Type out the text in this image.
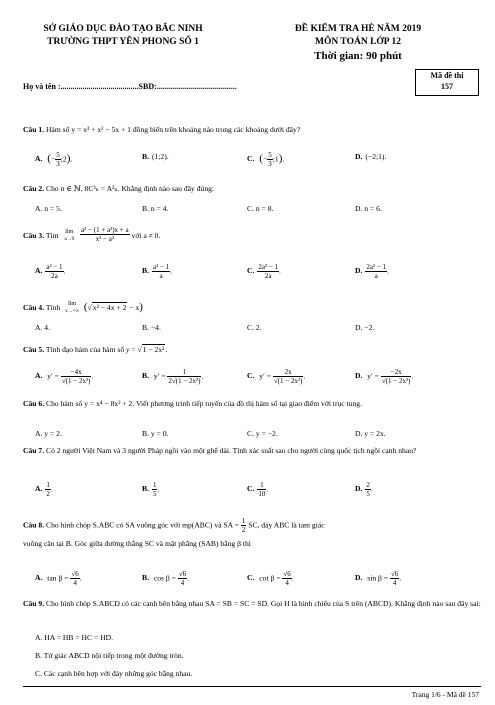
SỞ GIÁO DỤC ĐÀO TẠO BẮC NINH
TRƯỜNG THPT YÊN PHONG SỐ 1
ĐỀ KIỂM TRA HÈ NĂM 2019
MÔN TOÁN LỚP 12
Thời gian: 90 phút
Họ và tên :.......................................SBD:........................................
Mã đề thi
157
Câu 1. Hàm số y = x³ + x² − 5x + 1 đồng biến trên khoảng nào trong các khoảng dưới đây?
A. (− $\frac{5}{3}$ ;2).	B. (1;2).	C. (− $\frac{5}{3}$ ;1).	D. (−2;1).
Câu 2. Cho n ∈ ℕ, 8C³ₙ = A²ₙ. Khẳng định nào sau đây đúng:
A. n = 5.	B. n = 4.	C. n = 8.	D. n = 6.
Câu 3. Tìm	lim
a→0
$\frac{\text{a² − (1 + a²)x + a}}{\text{x² − a²}}$ với a ≠ 0.
A. $\frac{\text{a² − 1}}{2a}$ .	B. $\frac{\text{a² − 1}}{a}$ .	C. $\frac{\text{2a² − 1}}{2a}$ .	D. $\frac{\text{2a² − 1}}{a}$ .
Câu 4. Tính	lim
x→+∞ (√x² − 4x + 2 − x)
A. 4.	B. −4.	C. 2.	D. −2.
Câu 5. Tính đạo hàm của hàm số y = √1 − 2x².
A. $y' = \frac{-4x}{\text{√(1 − 2x²)}}$ .	B. $y' = \frac{1}{\text{2√(1 − 2x²)}}$ .	C. $y' = \frac{2x}{\text{√(1 − 2x²)}}$ .	D. $y' = \frac{-2x}{\text{√(1 − 2x²)}}$ .
Câu 6. Cho hàm số y = x⁴ − 8x² + 2. Viết phương trình tiếp tuyến của đồ thị hàm số tại giao điểm với trục tung.
A. y = 2.	B. y = 0.	C. y = −2.	D. y = 2x.
Câu 7. Có 2 người Việt Nam và 3 người Pháp ngồi vào một ghế dài. Tính xác suất sao cho người cùng quốc tịch ngồi cạnh nhau?
A. $\frac{1}{2}$ .	B. $\frac{1}{5}$ .	C. $\frac{1}{10}$ .	D. $\frac{2}{5}$ .
Câu 8. Cho hình chóp S.ABC có SA vuông góc với mp(ABC) và SA = $\frac{1}{2}$ SC, đáy ABC là tam giác
vuông cân tại B. Góc giữa đường thẳng SC và mặt phẳng (SAB) bằng β thì
A. $\tan \beta = \frac{√6}{4}$ .	B. $\cos \beta = \frac{√6}{4}$ .	C. $\cot \beta = \frac{√6}{4}$ .	D. $\sin \beta = \frac{√6}{4}$ .
Câu 9. Cho hình chóp S.ABCD có các cạnh bên bằng nhau SA = SB = SC = SD. Gọi H là hình chiếu của S trên (ABCD). Khẳng định nào sau đây sai:
A. HA = HB = HC = HD.
B. Tứ giác ABCD nội tiếp trong một đường tròn.
C. Các cạnh bên hợp với đáy những góc bằng nhau.
Trang 1/6 - Mã đề 157
